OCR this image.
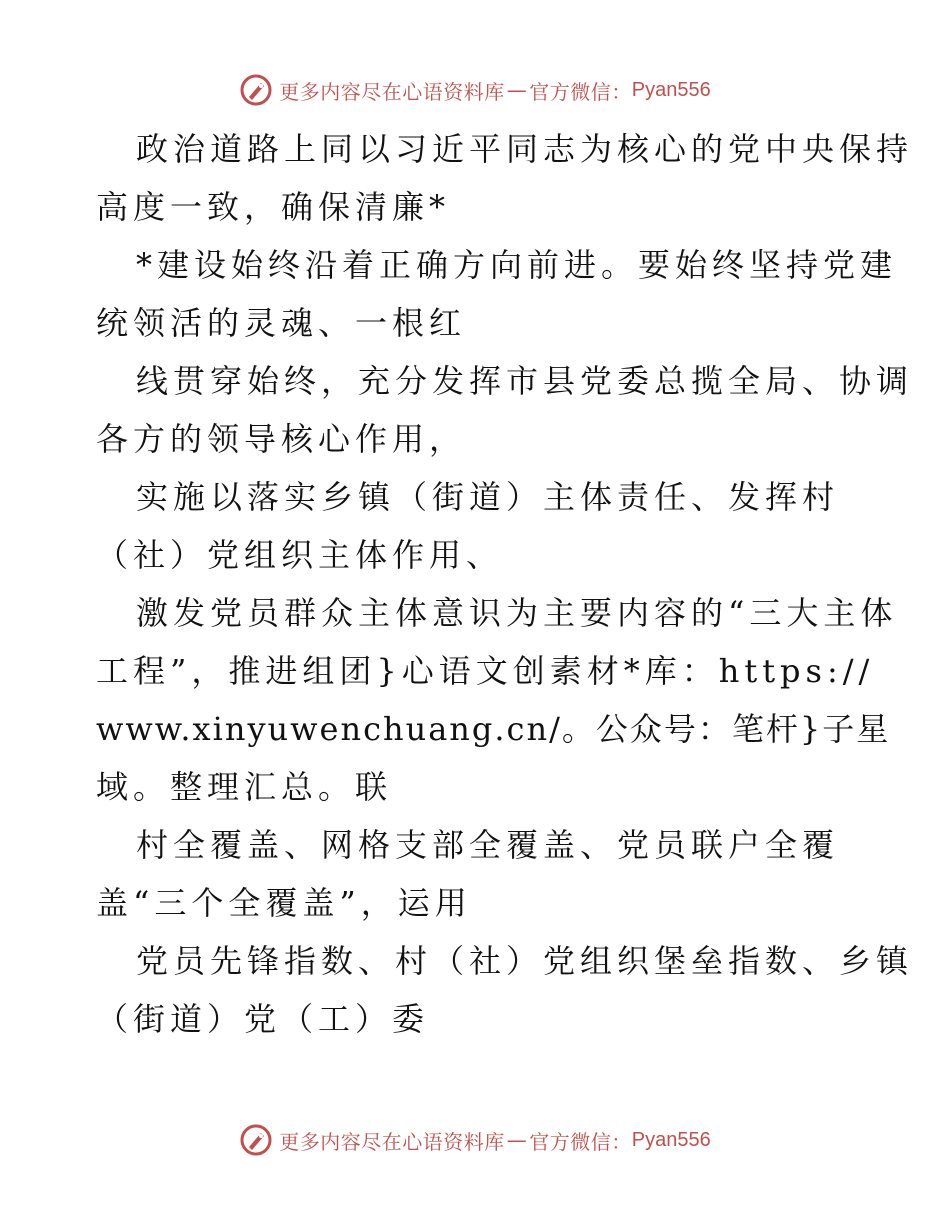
更多内容尽在心语资料库 — 官方微信： Pyan556
政治道路上同以习近平同志为核心的党中央保持
高度一致，确保清廉*
*建设始终沿着正确方向前进。要始终坚持党建
统领活的灵魂、一根红
线贯穿始终，充分发挥市县党委总揽全局、协调
各方的领导核心作用，
实施以落实乡镇（街道）主体责任、发挥村
（社）党组织主体作用、
激发党员群众主体意识为主要内容的“三大主体
工程”，推进组团}心语文创素材*库：https://
www.xinyuwenchuang.cn/。公众号：笔杆}子星
域。整理汇总。联
村全覆盖、网格支部全覆盖、党员联户全覆
盖“三个全覆盖”，运用
党员先锋指数、村（社）党组织堡垒指数、乡镇
（街道）党（工）委
更多内容尽在心语资料库 — 官方微信： Pyan556
